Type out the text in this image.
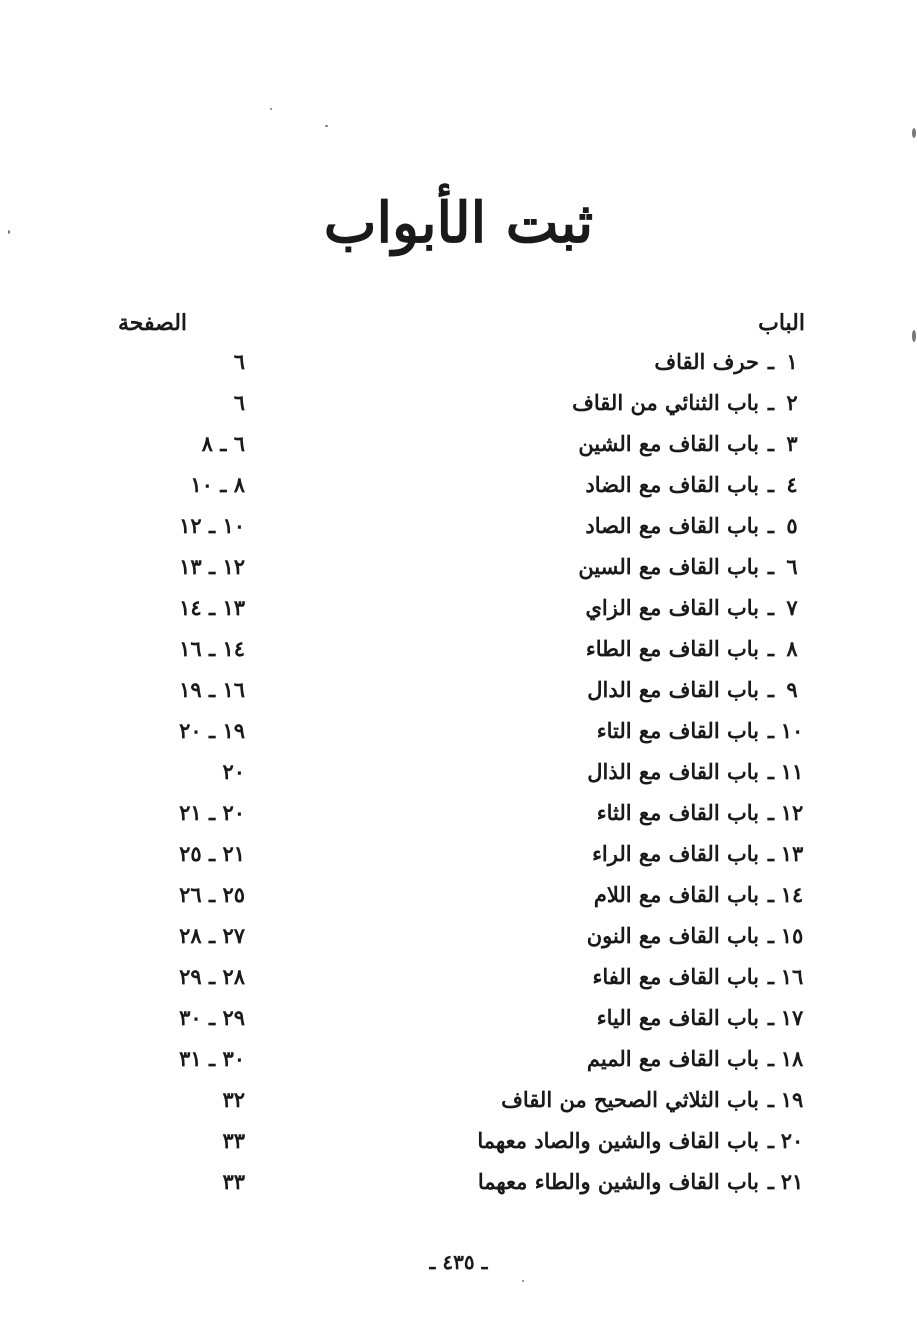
ثبت الأبواب
الباب
الصفحة
١
ـ
حرف القاف
٦
٢
ـ
باب الثنائي من القاف
٦
٣
ـ
باب القاف مع الشين
٦ ـ ٨
٤
ـ
باب القاف مع الضاد
٨ ـ ١٠
٥
ـ
باب القاف مع الصاد
١٠ ـ ١٢
٦
ـ
باب القاف مع السين
١٢ ـ ١٣
٧
ـ
باب القاف مع الزاي
١٣ ـ ١٤
٨
ـ
باب القاف مع الطاء
١٤ ـ ١٦
٩
ـ
باب القاف مع الدال
١٦ ـ ١٩
١٠
ـ
باب القاف مع التاء
١٩ ـ ٢٠
١١
ـ
باب القاف مع الذال
٢٠
١٢
ـ
باب القاف مع الثاء
٢٠ ـ ٢١
١٣
ـ
باب القاف مع الراء
٢١ ـ ٢٥
١٤
ـ
باب القاف مع اللام
٢٥ ـ ٢٦
١٥
ـ
باب القاف مع النون
٢٧ ـ ٢٨
١٦
ـ
باب القاف مع الفاء
٢٨ ـ ٢٩
١٧
ـ
باب القاف مع الياء
٢٩ ـ ٣٠
١٨
ـ
باب القاف مع الميم
٣٠ ـ ٣١
١٩
ـ
باب الثلاثي الصحيح من القاف
٣٢
٢٠
ـ
باب القاف والشين والصاد معهما
٣٣
٢١
ـ
باب القاف والشين والطاء معهما
٣٣
ـ ٤٣٥ ـ
